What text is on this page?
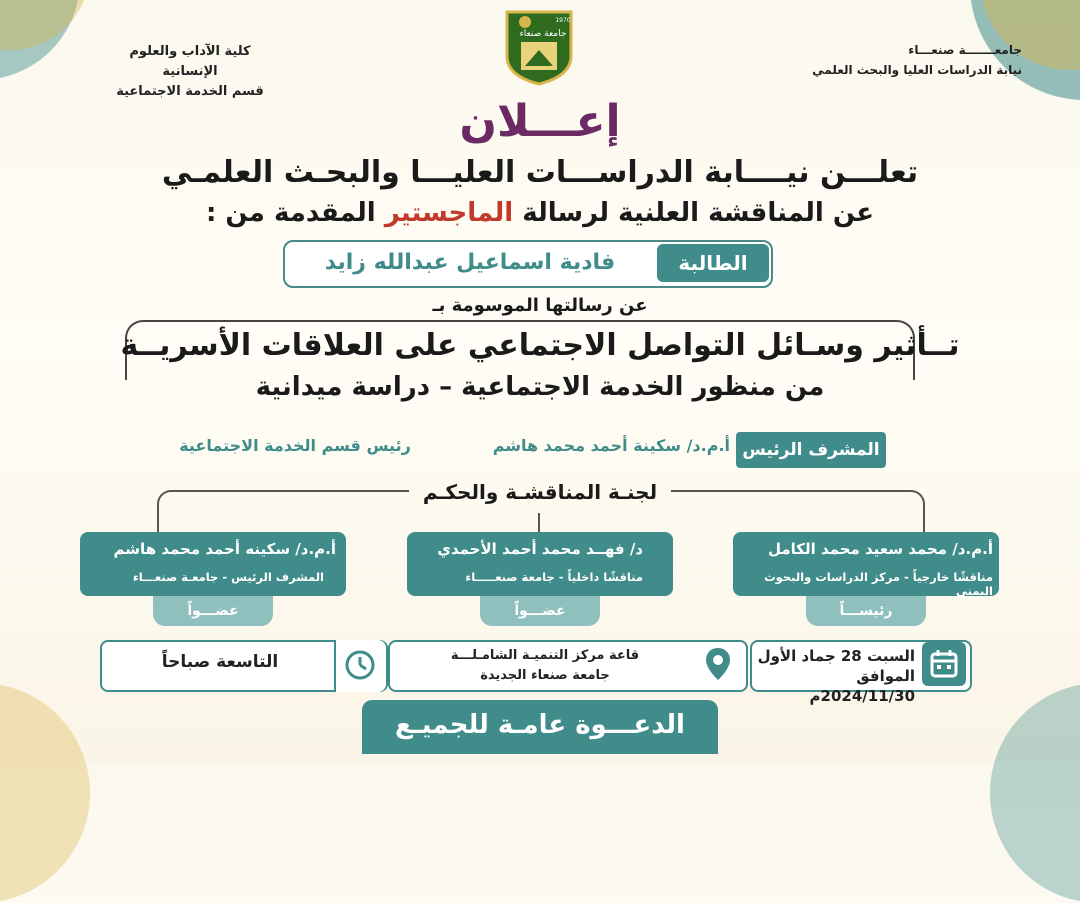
جامعـــــــة صنعـــاء
نيابة الدراسات العليا والبحث العلمي
كلية الآداب والعلوم الإنسانية
قسم الخدمة الاجتماعية
جامعة صنعاء
1970
إعـــلان
تعلـــن نيــــابة الدراســـات العليـــا والبحـث العلمـي
عن المناقشة العلنية لرسالة الماجستير المقدمة من :
الطالبة
فادية اسماعيل عبدالله زايد
عن رسالتها الموسومة بـ
تــأثير وسـائل التواصل الاجتماعي على العلاقات الأسريــة
من منظور الخدمة الاجتماعية – دراسة ميدانية
المشرف الرئيس
أ.م.د/ سكينة أحمد محمد هاشم
رئيس قسم الخدمة الاجتماعية
لجنـة المناقشـة والحكـم
أ.م.د/ محمد سعيد محمد الكامل
مناقشًا خارجياً - مركز الدراسات والبحوث اليمني
رئيســـاً
د/ فهــد محمد أحمد الأحمدي
مناقشًا داخلياً - جامعة صنعـــــاء
عضـــواً
أ.م.د/ سكينه أحمد محمد هاشم
المشرف الرئيس - جامعـة صنعـــاء
عضـــواً
السبت 28 جماد الأول
الموافق 2024/11/30م
قاعة مركز التنميـة الشامـلـــة
جامعة صنعاء الجديدة
التاسعة صباحاً
الدعـــوة عامـة للجميـع
